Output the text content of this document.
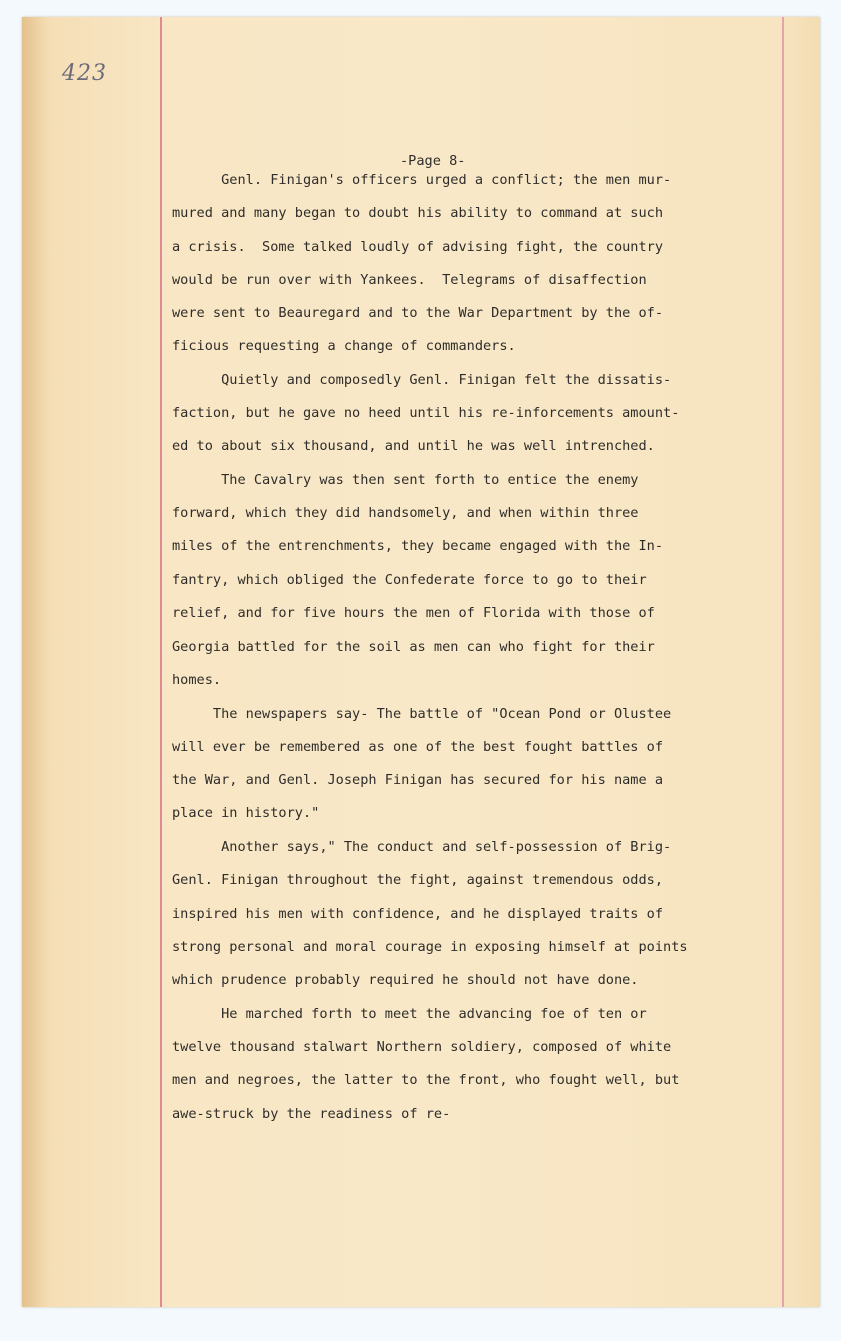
423
-Page 8-
Genl. Finigan's officers urged a conflict; the men mur-
mured and many began to doubt his ability to command at such
a crisis.  Some talked loudly of advising fight, the country
would be run over with Yankees.  Telegrams of disaffection
were sent to Beauregard and to the War Department by the of-
ficious requesting a change of commanders.
Quietly and composedly Genl. Finigan felt the dissatis-
faction, but he gave no heed until his re-inforcements amount-
ed to about six thousand, and until he was well intrenched.
The Cavalry was then sent forth to entice the enemy
forward, which they did handsomely, and when within three
miles of the entrenchments, they became engaged with the In-
fantry, which obliged the Confederate force to go to their
relief, and for five hours the men of Florida with those of
Georgia battled for the soil as men can who fight for their
homes.
The newspapers say- The battle of "Ocean Pond or Olustee
will ever be remembered as one of the best fought battles of
the War, and Genl. Joseph Finigan has secured for his name a
place in history."
Another says," The conduct and self-possession of Brig-
Genl. Finigan throughout the fight, against tremendous odds,
inspired his men with confidence, and he displayed traits of
strong personal and moral courage in exposing himself at points
which prudence probably required he should not have done.
He marched forth to meet the advancing foe of ten or
twelve thousand stalwart Northern soldiery, composed of white
men and negroes, the latter to the front, who fought well, but
awe-struck by the readiness of re-
